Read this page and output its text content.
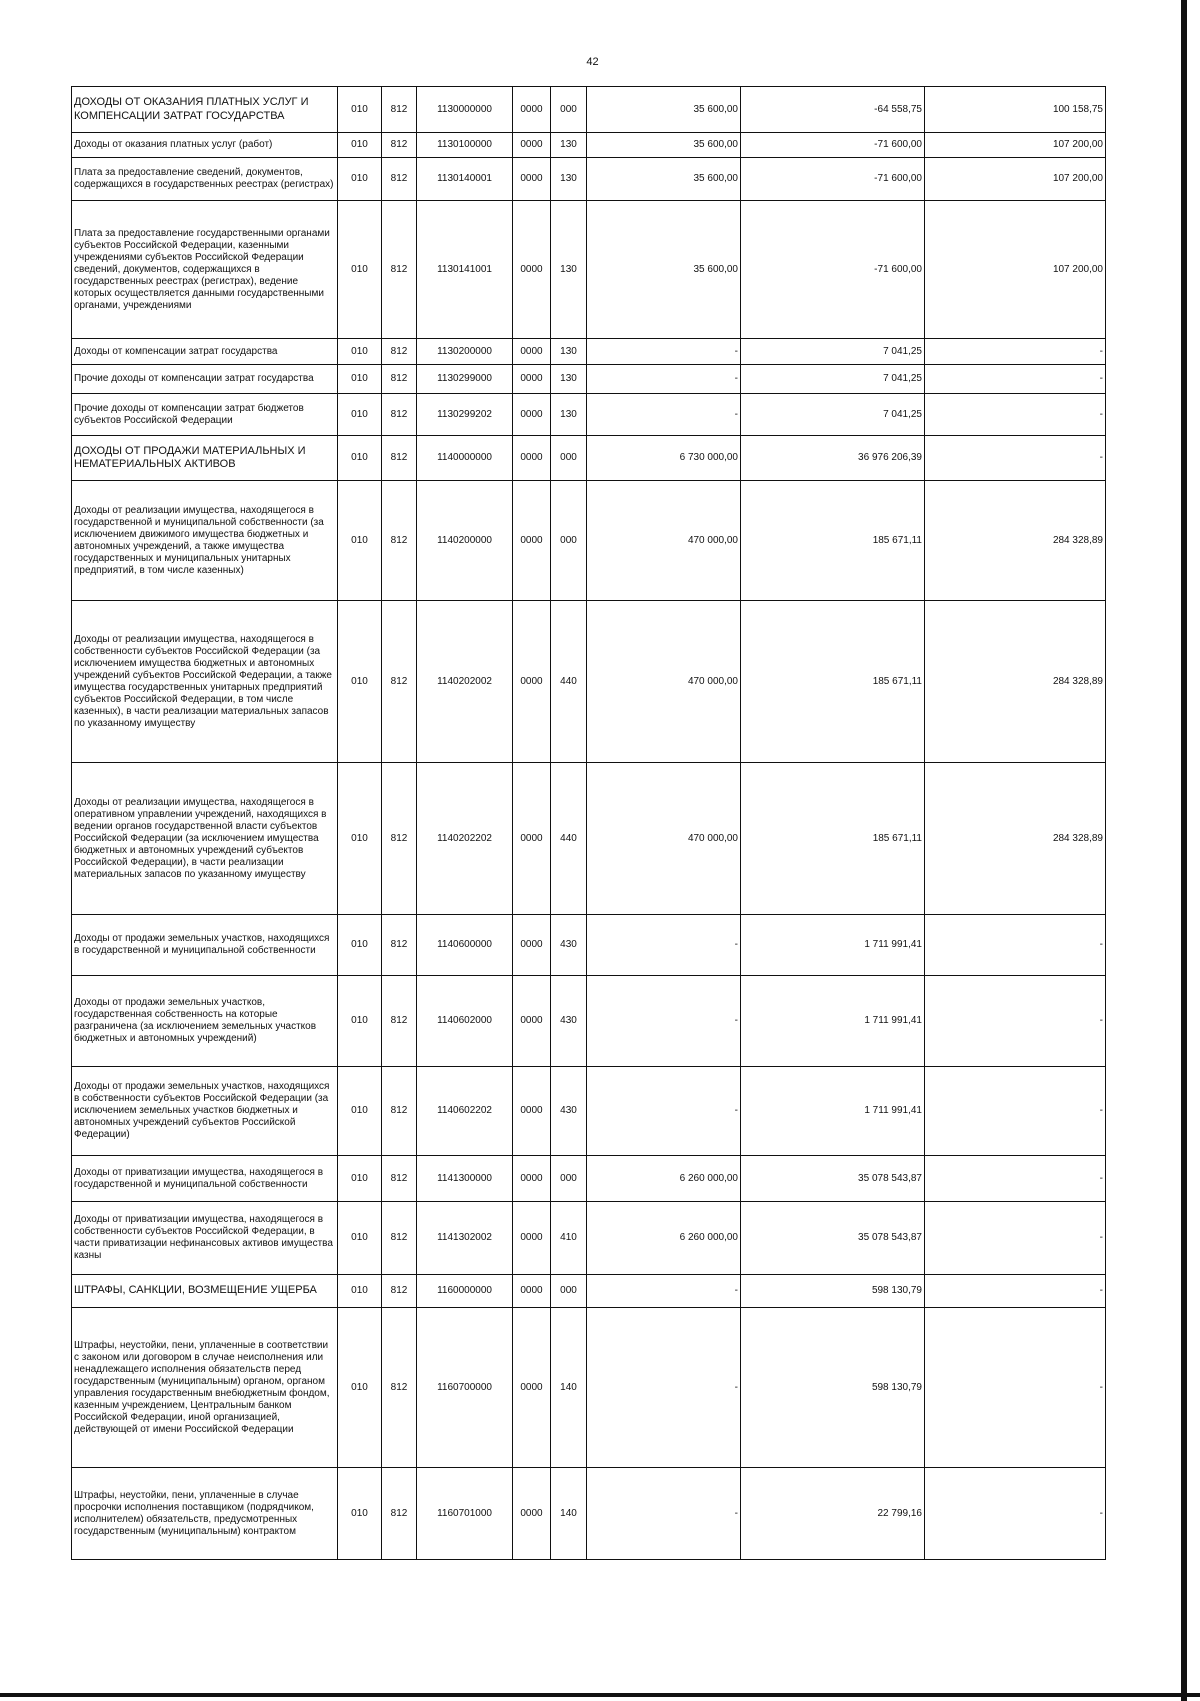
42
ДОХОДЫ ОТ ОКАЗАНИЯ ПЛАТНЫХ УСЛУГ И КОМПЕНСАЦИИ ЗАТРАТ ГОСУДАРСТВА	010	812	1130000000	0000	000	35 600,00	-64 558,75	100 158,75
Доходы от оказания платных услуг (работ)	010	812	1130100000	0000	130	35 600,00	-71 600,00	107 200,00
Плата за предоставление сведений, документов, содержащихся в государственных реестрах (регистрах)	010	812	1130140001	0000	130	35 600,00	-71 600,00	107 200,00
Плата за предоставление государственными органами субъектов Российской Федерации, казенными учреждениями субъектов Российской Федерации сведений, документов, содержащихся в государственных реестрах (регистрах), ведение которых осуществляется данными государственными органами, учреждениями	010	812	1130141001	0000	130	35 600,00	-71 600,00	107 200,00
Доходы от компенсации затрат государства	010	812	1130200000	0000	130	-	7 041,25	-
Прочие доходы от компенсации затрат государства	010	812	1130299000	0000	130	-	7 041,25	-
Прочие доходы от компенсации затрат бюджетов субъектов Российской Федерации	010	812	1130299202	0000	130	-	7 041,25	-
ДОХОДЫ ОТ ПРОДАЖИ МАТЕРИАЛЬНЫХ И НЕМАТЕРИАЛЬНЫХ АКТИВОВ	010	812	1140000000	0000	000	6 730 000,00	36 976 206,39	-
Доходы от реализации имущества, находящегося в государственной и муниципальной собственности (за исключением движимого имущества бюджетных и автономных учреждений, а также имущества государственных и муниципальных унитарных предприятий, в том числе казенных)	010	812	1140200000	0000	000	470 000,00	185 671,11	284 328,89
Доходы от реализации имущества, находящегося в собственности субъектов Российской Федерации (за исключением имущества бюджетных и автономных учреждений субъектов Российской Федерации, а также имущества государственных унитарных предприятий субъектов Российской Федерации, в том числе казенных), в части реализации материальных запасов по указанному имуществу	010	812	1140202002	0000	440	470 000,00	185 671,11	284 328,89
Доходы от реализации имущества, находящегося в оперативном управлении учреждений, находящихся в ведении органов государственной власти субъектов Российской Федерации (за исключением имущества бюджетных и автономных учреждений субъектов Российской Федерации), в части реализации материальных запасов по указанному имуществу	010	812	1140202202	0000	440	470 000,00	185 671,11	284 328,89
Доходы от продажи земельных участков, находящихся в государственной и муниципальной собственности	010	812	1140600000	0000	430	-	1 711 991,41	-
Доходы от продажи земельных участков, государственная собственность на которые разграничена (за исключением земельных участков бюджетных и автономных учреждений)	010	812	1140602000	0000	430	-	1 711 991,41	-
Доходы от продажи земельных участков, находящихся в собственности субъектов Российской Федерации (за исключением земельных участков бюджетных и автономных учреждений субъектов Российской Федерации)	010	812	1140602202	0000	430	-	1 711 991,41	-
Доходы от приватизации имущества, находящегося в государственной и муниципальной собственности	010	812	1141300000	0000	000	6 260 000,00	35 078 543,87	-
Доходы от приватизации имущества, находящегося в собственности субъектов Российской Федерации, в части приватизации нефинансовых активов имущества казны	010	812	1141302002	0000	410	6 260 000,00	35 078 543,87	-
ШТРАФЫ, САНКЦИИ, ВОЗМЕЩЕНИЕ УЩЕРБА	010	812	1160000000	0000	000	-	598 130,79	-
Штрафы, неустойки, пени, уплаченные в соответствии с законом или договором в случае неисполнения или ненадлежащего исполнения обязательств перед государственным (муниципальным) органом, органом управления государственным внебюджетным фондом, казенным учреждением, Центральным банком Российской Федерации, иной организацией, действующей от имени Российской Федерации	010	812	1160700000	0000	140	-	598 130,79	-
Штрафы, неустойки, пени, уплаченные в случае просрочки исполнения поставщиком (подрядчиком, исполнителем) обязательств, предусмотренных государственным (муниципальным) контрактом	010	812	1160701000	0000	140	-	22 799,16	-
